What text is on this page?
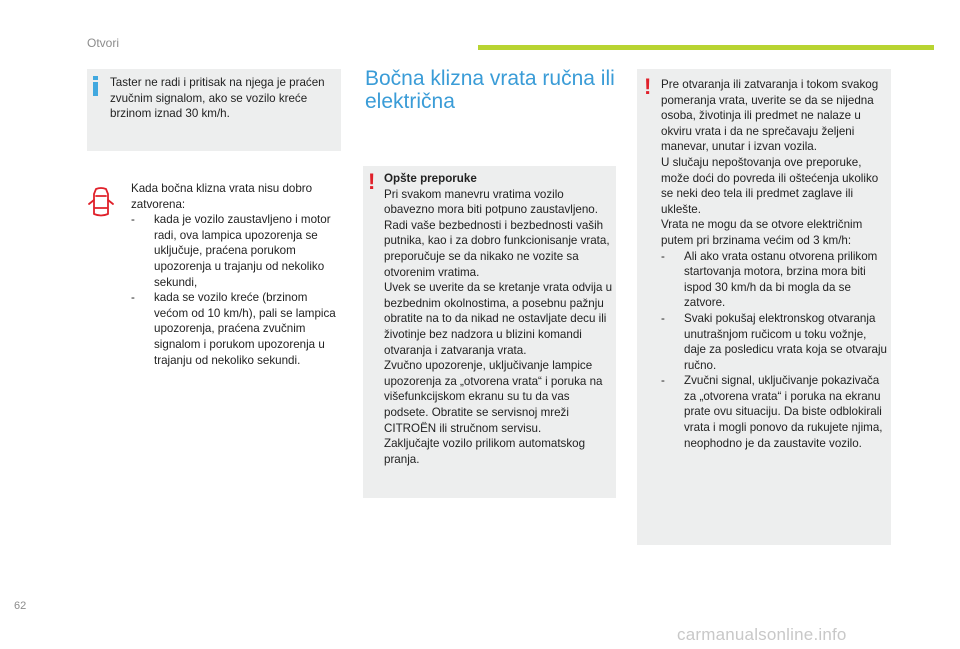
Otvori
Taster ne radi i pritisak na njega je praćen zvučnim signalom, ako se vozilo kreće brzinom iznad 30 km/h.
Kada bočna klizna vrata nisu dobro zatvorena:
- kada je vozilo zaustavljeno i motor radi, ova lampica upozorenja se uključuje, praćena porukom upozorenja u trajanju od nekoliko sekundi,
- kada se vozilo kreće (brzinom većom od 10 km/h), pali se lampica upozorenja, praćena zvučnim signalom i porukom upozorenja u trajanju od nekoliko sekundi.
Bočna klizna vrata ručna ili električna
! Opšte preporuke
Pri svakom manevru vratima vozilo obavezno mora biti potpuno zaustavljeno.
Radi vaše bezbednosti i bezbednosti vaših putnika, kao i za dobro funkcionisanje vrata, preporučuje se da nikako ne vozite sa otvorenim vratima.
Uvek se uverite da se kretanje vrata odvija u bezbednim okolnostima, a posebnu pažnju obratite na to da nikad ne ostavljate decu ili životinje bez nadzora u blizini komandi otvaranja i zatvaranja vrata.
Zvučno upozorenje, uključivanje lampice upozorenja za „otvorena vrata“ i poruka na višefunkcijskom ekranu su tu da vas podsete. Obratite se servisnoj mreži CITROËN ili stručnom servisu.
Zaključajte vozilo prilikom automatskog pranja.
! Pre otvaranja ili zatvaranja i tokom svakog pomeranja vrata, uverite se da se nijedna osoba, životinja ili predmet ne nalaze u okviru vrata i da ne sprečavaju željeni manevar, unutar i izvan vozila.
U slučaju nepoštovanja ove preporuke, može doći do povreda ili oštećenja ukoliko se neki deo tela ili predmet zaglave ili uklešte.
Vrata ne mogu da se otvore električnim putem pri brzinama većim od 3 km/h:
- Ali ako vrata ostanu otvorena prilikom startovanja motora, brzina mora biti ispod 30 km/h da bi mogla da se zatvore.
- Svaki pokušaj elektronskog otvaranja unutrašnjom ručicom u toku vožnje, daje za posledicu vrata koja se otvaraju ručno.
- Zvučni signal, uključivanje pokazivača za „otvorena vrata“ i poruka na ekranu prate ovu situaciju. Da biste odblokirali vrata i mogli ponovo da rukujete njima, neophodno je da zaustavite vozilo.
62
carmanualsonline.info
